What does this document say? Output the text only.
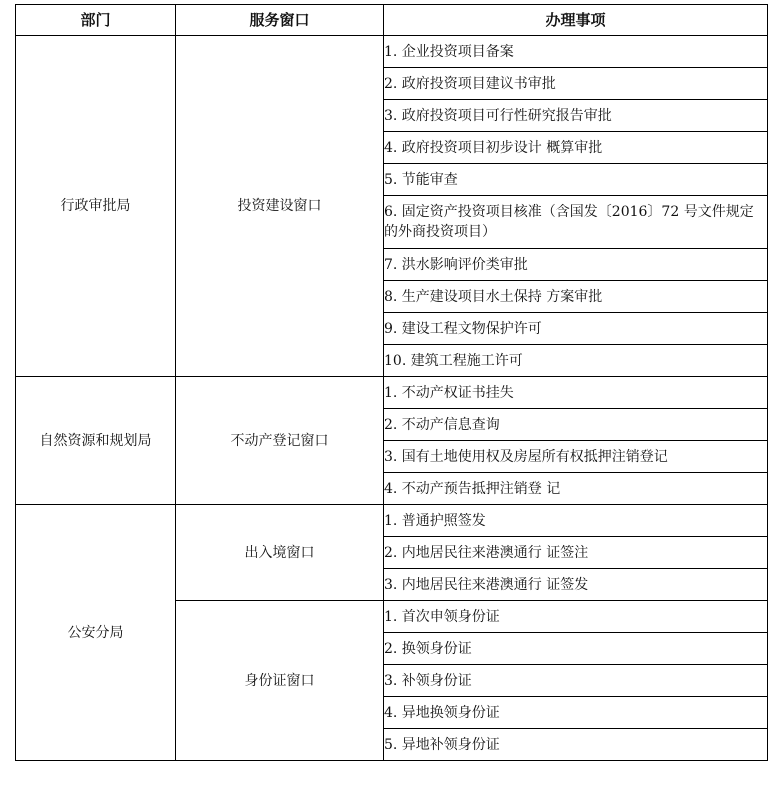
部门	服务窗口	办理事项
行政审批局	投资建设窗口	1. 企业投资项目备案
		2. 政府投资项目建议书审批
		3. 政府投资项目可行性研究报告审批
		4. 政府投资项目初步设计 概算审批
		5. 节能审查
		6. 固定资产投资项目核准（含国发〔2016〕72 号文件规定的外商投资项目）
		7. 洪水影响评价类审批
		8. 生产建设项目水土保持 方案审批
		9. 建设工程文物保护许可
		10. 建筑工程施工许可
自然资源和规划局	不动产登记窗口	1. 不动产权证书挂失
		2. 不动产信息查询
		3. 国有土地使用权及房屋所有权抵押注销登记
		4. 不动产预告抵押注销登 记
公安分局	出入境窗口	1. 普通护照签发
		2. 内地居民往来港澳通行 证签注
		3. 内地居民往来港澳通行 证签发
	身份证窗口	1. 首次申领身份证
		2. 换领身份证
		3. 补领身份证
		4. 异地换领身份证
		5. 异地补领身份证
